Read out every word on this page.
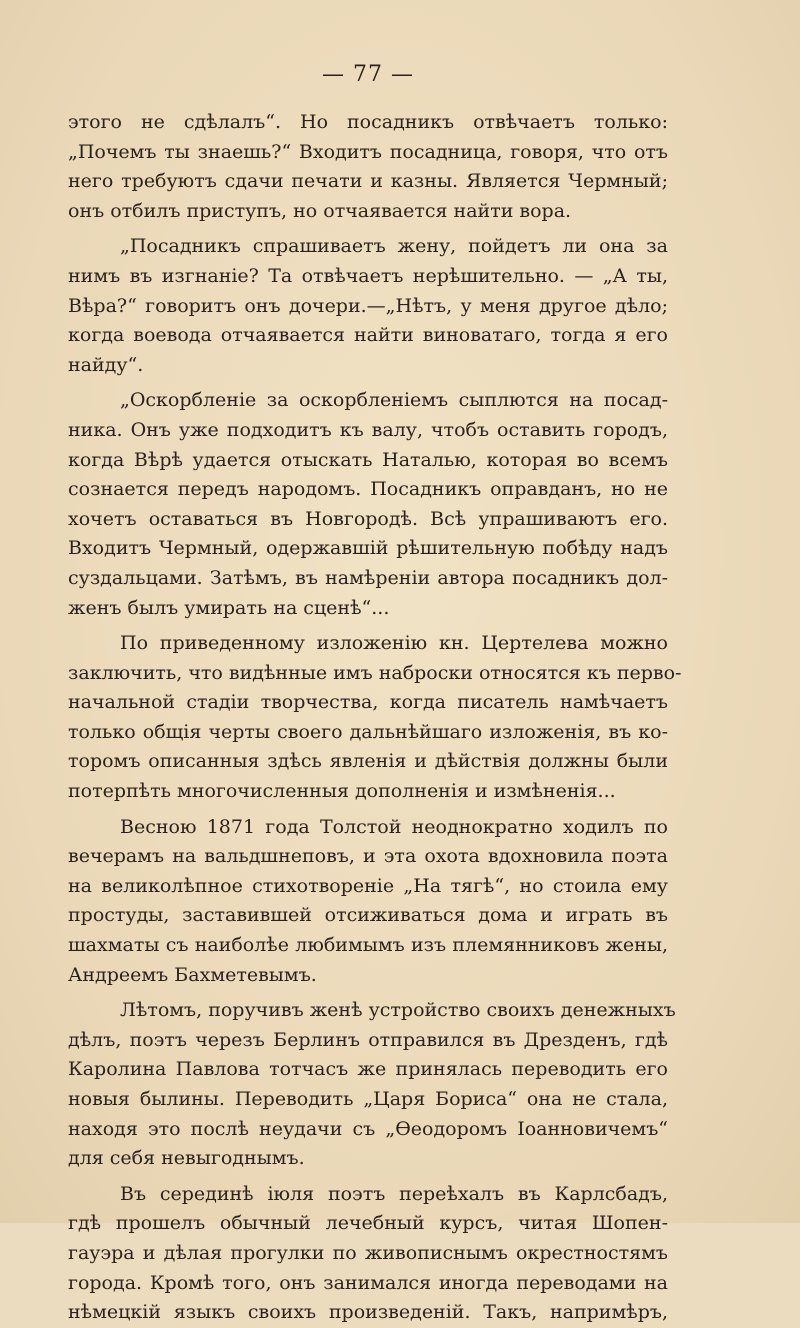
— 77 —
этого не сдѣлалъ“. Но посадникъ отвѣчаетъ только:
„Почемъ ты знаешь?“ Входитъ посадница, говоря, что отъ
него требуютъ сдачи печати и казны. Является Чермный;
онъ отбилъ приступъ, но отчаявается найти вора.
„Посадникъ спрашиваетъ жену, пойдетъ ли она за
нимъ въ изгнаніе? Та отвѣчаетъ нерѣшительно. — „А ты,
Вѣра?“ говоритъ онъ дочери.—„Нѣтъ, у меня другое дѣло;
когда воевода отчаявается найти виноватаго, тогда я его
найду“.
„Оскорбленіе за оскорбленіемъ сыплются на посад-
ника. Онъ уже подходитъ къ валу, чтобъ оставить городъ,
когда Вѣрѣ удается отыскать Наталью, которая во всемъ
сознается передъ народомъ. Посадникъ оправданъ, но не
хочетъ оставаться въ Новгородѣ. Всѣ упрашиваютъ его.
Входитъ Чермный, одержавшій рѣшительную побѣду надъ
суздальцами. Затѣмъ, въ намѣреніи автора посадникъ дол-
женъ былъ умирать на сценѣ“...
По приведенному изложенію кн. Цертелева можно
заключить, что видѣнные имъ наброски относятся къ перво-
начальной стадіи творчества, когда писатель намѣчаетъ
только общія черты своего дальнѣйшаго изложенія, въ ко-
торомъ описанныя здѣсь явленія и дѣйствія должны были
потерпѣть многочисленныя дополненія и измѣненія...
Весною 1871 года Толстой неоднократно ходилъ по
вечерамъ на вальдшнеповъ, и эта охота вдохновила поэта
на великолѣпное стихотвореніе „На тягѣ“, но стоила ему
простуды, заставившей отсиживаться дома и играть въ
шахматы съ наиболѣе любимымъ изъ племянниковъ жены,
Андреемъ Бахметевымъ.
Лѣтомъ, поручивъ женѣ устройство своихъ денежныхъ
дѣлъ, поэтъ черезъ Берлинъ отправился въ Дрезденъ, гдѣ
Каролина Павлова тотчасъ же принялась переводить его
новыя былины. Переводить „Царя Бориса“ она не стала,
находя это послѣ неудачи съ „Өеодоромъ Іоанновичемъ“
для себя невыгоднымъ.
Въ серединѣ іюля поэтъ переѣхалъ въ Карлсбадъ,
гдѣ прошелъ обычный лечебный курсъ, читая Шопен-
гауэра и дѣлая прогулки по живописнымъ окрестностямъ
города. Кромѣ того, онъ занимался иногда переводами на
нѣмецкій языкъ своихъ произведеній. Такъ, напримѣръ,
